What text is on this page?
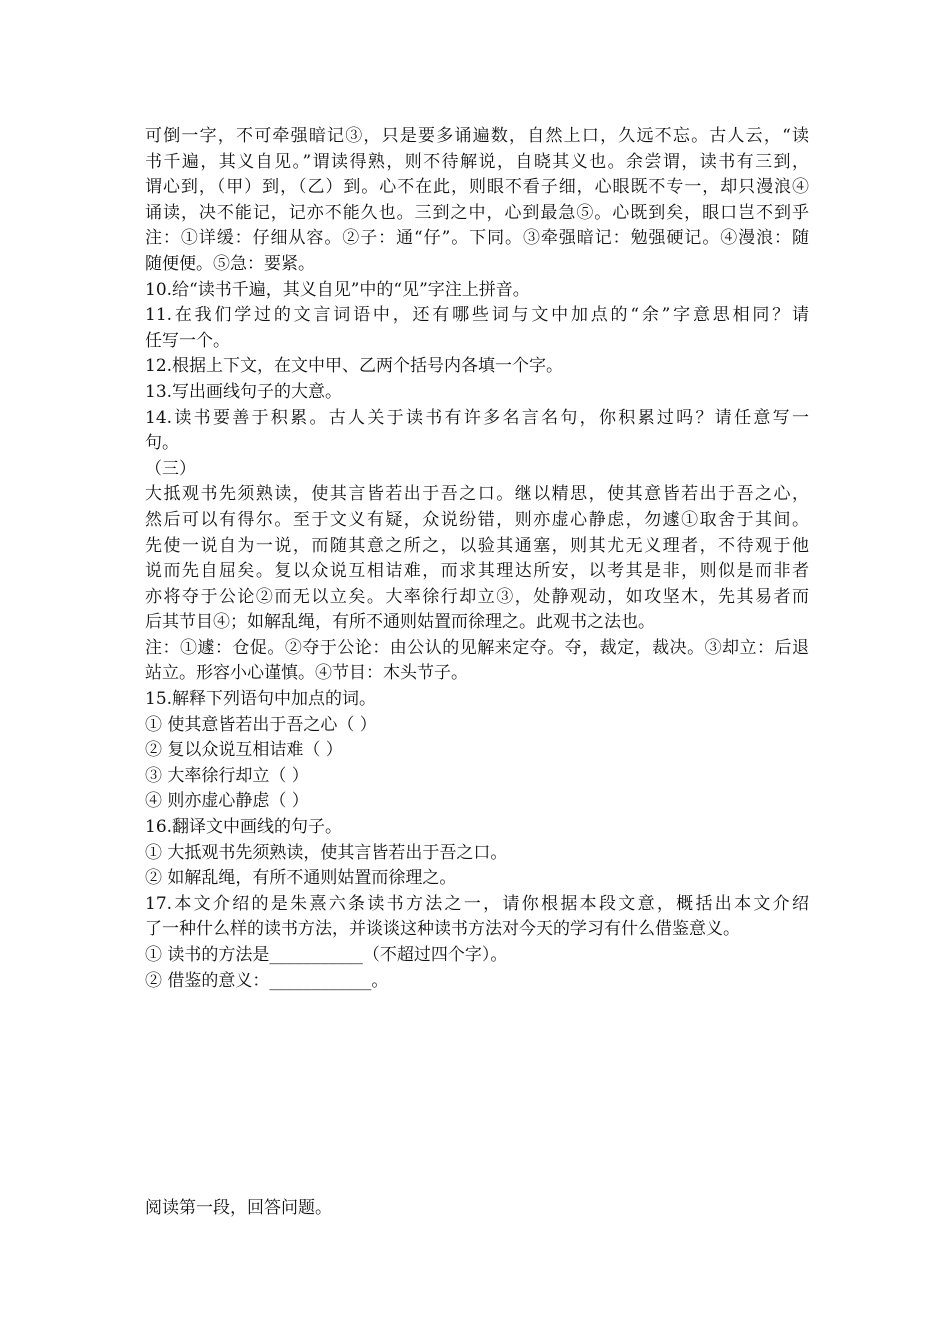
可倒一字，不可牵强暗记③，只是要多诵遍数，自然上口，久远不忘。古人云，“读
书千遍，其义自见。”谓读得熟，则不待解说，自晓其义也。余尝谓，读书有三到，
谓心到，（甲）到，（乙）到。心不在此，则眼不看子细，心眼既不专一，却只漫浪④
诵读，决不能记，记亦不能久也。三到之中，心到最急⑤。心既到矣，眼口岂不到乎
注：①详缓：仔细从容。②子：通“仔”。下同。③牵强暗记：勉强硬记。④漫浪：随
随便便。⑤急：要紧。
10.给“读书千遍，其义自见”中的“见”字注上拼音。
11.在我们学过的文言词语中，还有哪些词与文中加点的“余”字意思相同？请
任写一个。
12.根据上下文，在文中甲、乙两个括号内各填一个字。
13.写出画线句子的大意。
14.读书要善于积累。古人关于读书有许多名言名句，你积累过吗？请任意写一
句。
（三）
大抵观书先须熟读，使其言皆若出于吾之口。继以精思，使其意皆若出于吾之心，
然后可以有得尔。至于文义有疑，众说纷错，则亦虚心静虑，勿遽①取舍于其间。
先使一说自为一说，而随其意之所之，以验其通塞，则其尤无义理者，不待观于他
说而先自屈矣。复以众说互相诘难，而求其理达所安，以考其是非，则似是而非者
亦将夺于公论②而无以立矣。大率徐行却立③，处静观动，如攻坚木，先其易者而
后其节目④；如解乱绳，有所不通则姑置而徐理之。此观书之法也。
注：①遽：仓促。②夺于公论：由公认的见解来定夺。夺，裁定，裁决。③却立：后退
站立。形容小心谨慎。④节目：木头节子。
15.解释下列语句中加点的词。
① 使其意皆若出于吾之心（ ）
② 复以众说互相诘难（ ）
③ 大率徐行却立（ ）
④ 则亦虚心静虑（ ）
16.翻译文中画线的句子。
① 大抵观书先须熟读，使其言皆若出于吾之口。
② 如解乱绳，有所不通则姑置而徐理之。
17.本文介绍的是朱熹六条读书方法之一，请你根据本段文意，概括出本文介绍
了一种什么样的读书方法，并谈谈这种读书方法对今天的学习有什么借鉴意义。
① 读书的方法是___________（不超过四个字）。
② 借鉴的意义：____________。
阅读第一段，回答问题。
